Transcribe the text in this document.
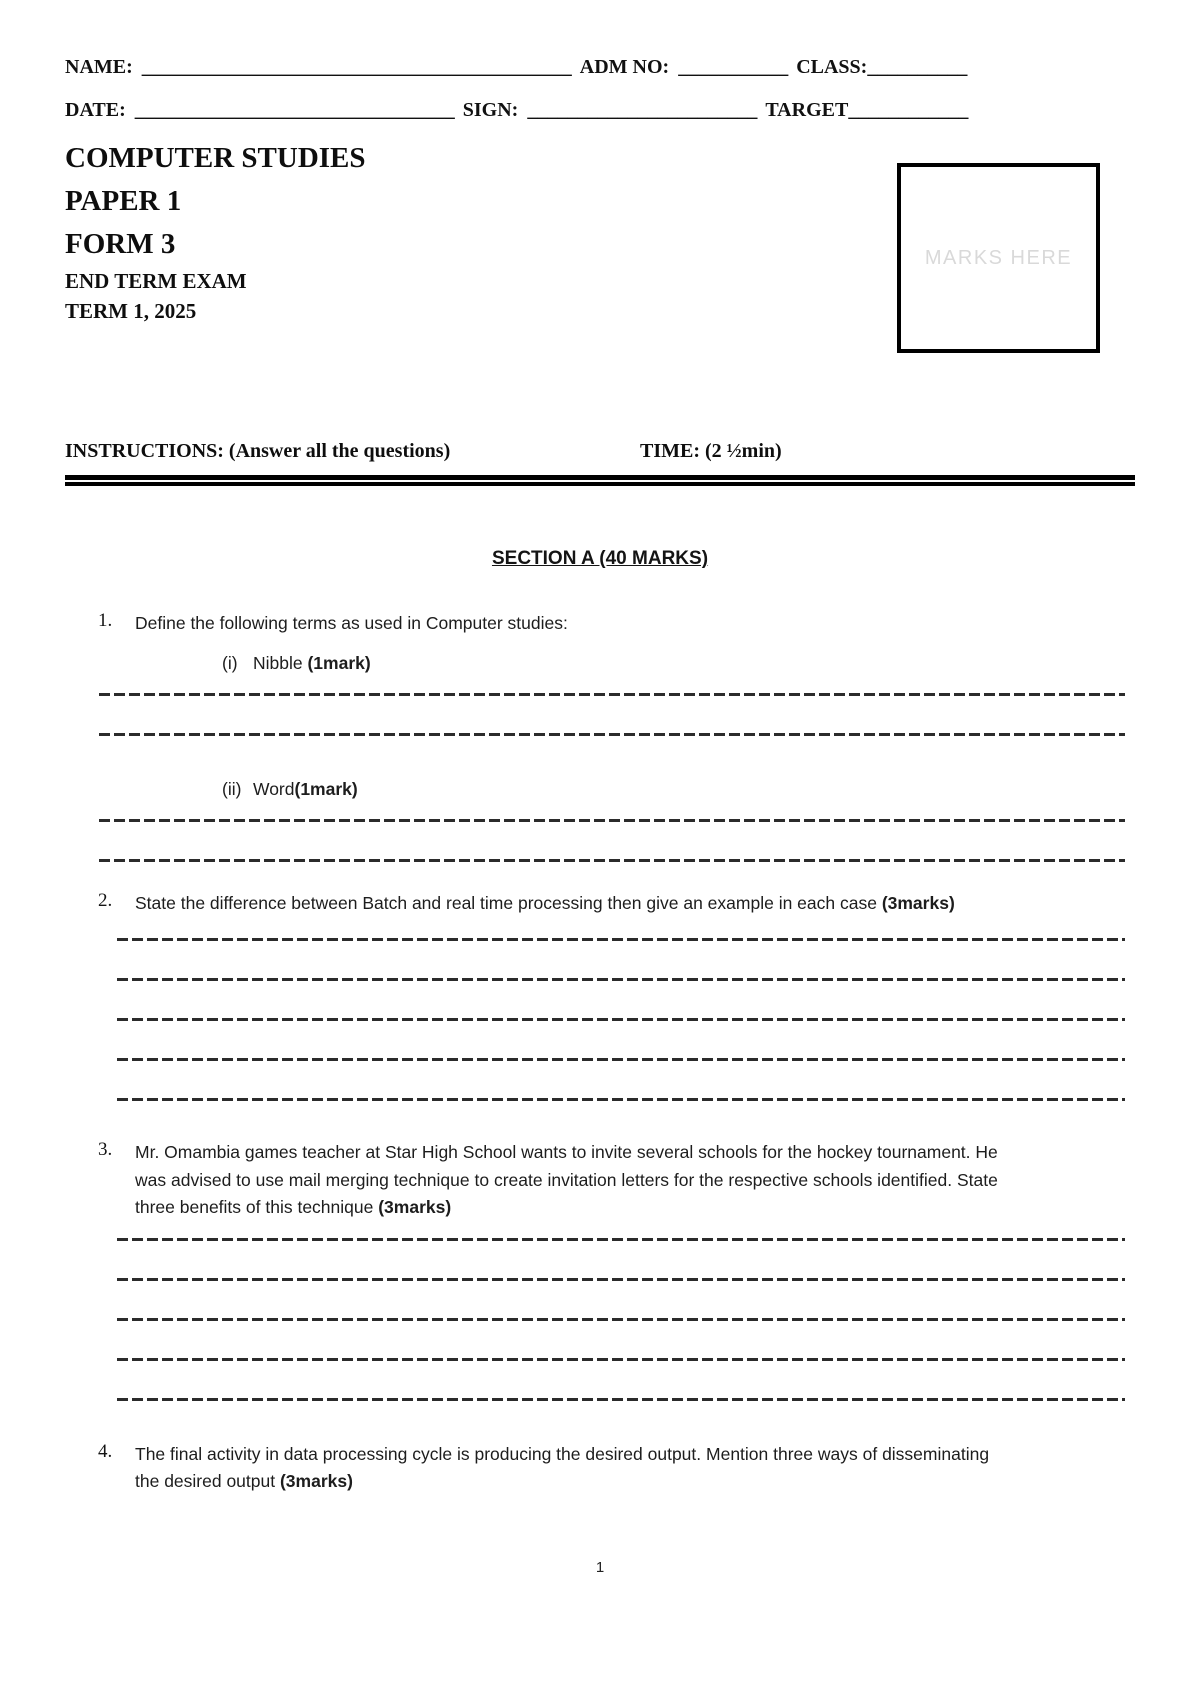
NAME: ___________________________________________ ADM NO: ___________ CLASS:__________
DATE: ________________________________ SIGN: _______________________ TARGET____________
COMPUTER STUDIES
PAPER 1
FORM 3
END TERM EXAM
TERM 1, 2025
INSTRUCTIONS: (Answer all the questions)	TIME: (2 ½min)
SECTION A (40 MARKS)
1.	Define the following terms as used in Computer studies:
(i) Nibble (1mark)
(ii) Word(1mark)
2.	State the difference between Batch and real time processing then give an example in each case (3marks)
3.	Mr. Omambia games teacher at Star High School wants to invite several schools for the hockey tournament. He was advised to use mail merging technique to create invitation letters for the respective schools identified. State three benefits of this technique (3marks)
4.	The final activity in data processing cycle is producing the desired output. Mention three ways of disseminating the desired output (3marks)
1
MARKS HERE
